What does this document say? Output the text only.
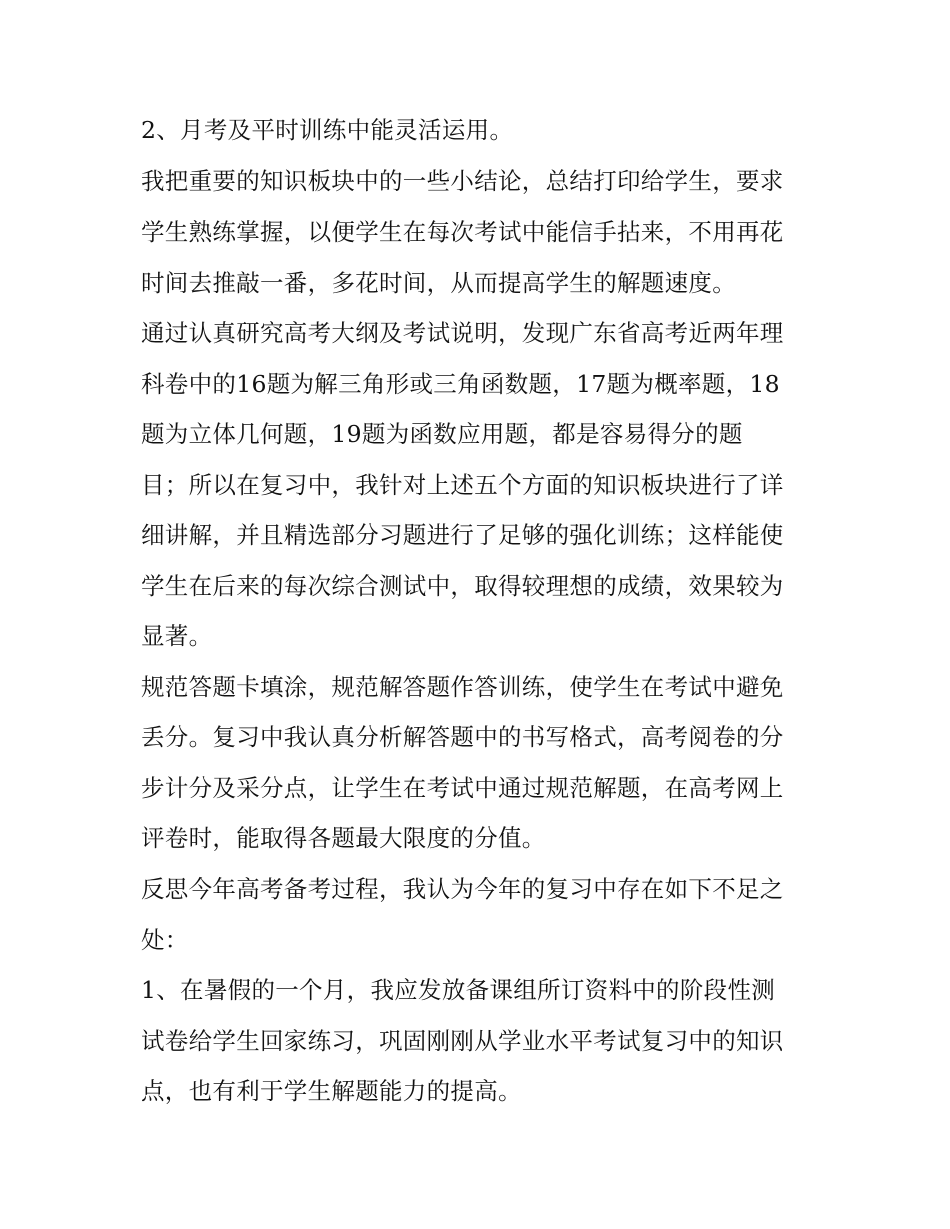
2、月考及平时训练中能灵活运用。
我把重要的知识板块中的一些小结论，总结打印给学生，要求
学生熟练掌握，以便学生在每次考试中能信手拈来，不用再花
时间去推敲一番，多花时间，从而提高学生的解题速度。
通过认真研究高考大纲及考试说明，发现广东省高考近两年理
科卷中的16题为解三角形或三角函数题，17题为概率题，18
题为立体几何题，19题为函数应用题，都是容易得分的题
目；所以在复习中，我针对上述五个方面的知识板块进行了详
细讲解，并且精选部分习题进行了足够的强化训练；这样能使
学生在后来的每次综合测试中，取得较理想的成绩，效果较为
显著。
规范答题卡填涂，规范解答题作答训练，使学生在考试中避免
丢分。复习中我认真分析解答题中的书写格式，高考阅卷的分
步计分及采分点，让学生在考试中通过规范解题，在高考网上
评卷时，能取得各题最大限度的分值。
反思今年高考备考过程，我认为今年的复习中存在如下不足之
处：
1、在暑假的一个月，我应发放备课组所订资料中的阶段性测
试卷给学生回家练习，巩固刚刚从学业水平考试复习中的知识
点，也有利于学生解题能力的提高。
